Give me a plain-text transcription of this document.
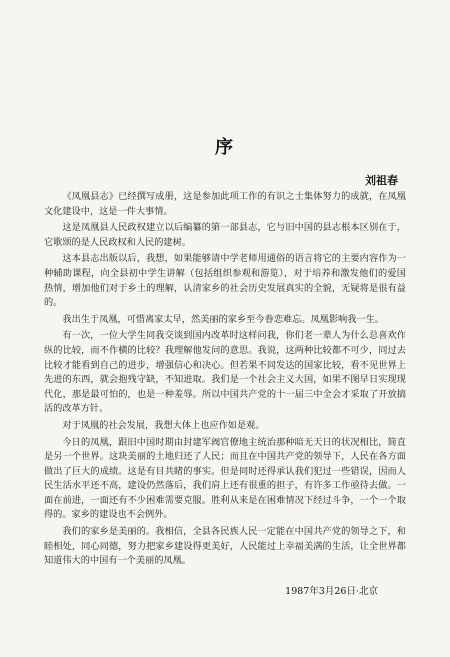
序
刘祖春

《凤凰县志》已经撰写成册，这是参加此项工作的有识之士集体努力的成就，在凤凰文化建设中，这是一件大事情。

这是凤凰县人民政权建立以后编纂的第一部县志，它与旧中国的县志根本区别在于，它歌颂的是人民政权和人民的建树。

这本县志出版以后，我想，如果能够请中学老师用通俗的语言将它的主要内容作为一种辅助课程，向全县初中学生讲解（包括组织参观和游览），对于培养和激发他们的爱国热情，增加他们对于乡土的理解，认清家乡的社会历史发展真实的全貌，无疑将是很有益的。

我出生于凤凰，可惜离家太早，然美丽的家乡至今眷恋难忘。凤凰影响我一生。

有一次，一位大学生同我交谈到国内改革时这样问我，你们老一辈人为什么总喜欢作纵的比较，而不作横的比较？我理解他发问的意思。我说，这两种比较都不可少，同过去比较才能看到自己的进步，增强信心和决心。但若果不同发达的国家比较，看不见世界上先进的东西，就会抱残守缺，不知进取。我们是一个社会主义大国，如果不图早日实现现代化，那是最可怕的，也是一种羞辱。所以中国共产党的十一届三中全会才采取了开放搞活的改革方针。

对于凤凰的社会发展，我想大体上也应作如是观。

今日的凤凰，跟旧中国时期由封建军阀官僚地主统治那种暗无天日的状况相比，简直是另一个世界。这块美丽的土地归还了人民；而且在中国共产党的领导下，人民在各方面做出了巨大的成绩。这是有目共睹的事实。但是同时还得承认我们犯过一些错误，因而人民生活水平还不高，建设仍然落后，我们肩上还有很重的担子，有许多工作亟待去做。一面在前进，一面还有不少困难需要克服。胜利从来是在困难情况下经过斗争，一个一个取得的。家乡的建设也不会例外。

我们的家乡是美丽的。我相信，全县各民族人民一定能在中国共产党的领导之下，和睦相处，同心同德，努力把家乡建设得更美好，人民能过上幸福美满的生活，让全世界都知道伟大的中国有一个美丽的凤凰。

1987年3月26日·北京
